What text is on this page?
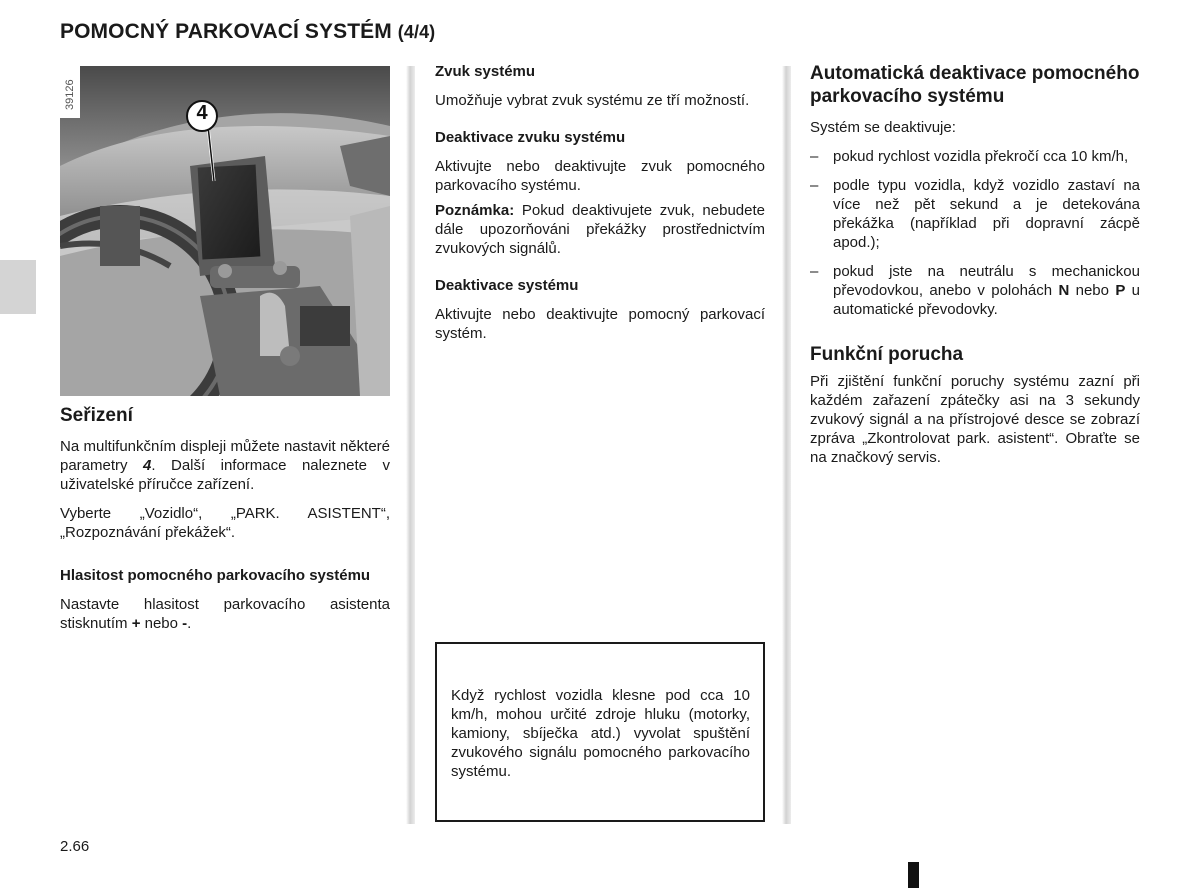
POMOCNÝ PARKOVACÍ SYSTÉM (4/4)
39126
4
Seřizení

Na multifunkčním displeji můžete nastavit některé parametry 4. Další informace naleznete v uživatelské příručce zařízení.

Vyberte „Vozidlo“, „PARK. ASISTENT“, „Rozpoznávání překážek“.

Hlasitost pomocného parkovacího systému

Nastavte hlasitost parkovacího asistenta stisknutím + nebo -.

Zvuk systému

Umožňuje vybrat zvuk systému ze tří možností.

Deaktivace zvuku systému

Aktivujte nebo deaktivujte zvuk pomocného parkovacího systému.

Poznámka: Pokud deaktivujete zvuk, nebudete dále upozorňováni překážky prostřednictvím zvukových signálů.

Deaktivace systému

Aktivujte nebo deaktivujte pomocný parkovací systém.

Když rychlost vozidla klesne pod cca 10 km/h, mohou určité zdroje hluku (motorky, kamiony, sbíječka atd.) vyvolat spuštění zvukového signálu pomocného parkovacího systému.

Automatická deaktivace pomocného parkovacího systému

Systém se deaktivuje:

– pokud rychlost vozidla překročí cca 10 km/h,
– podle typu vozidla, když vozidlo zastaví na více než pět sekund a je detekována překážka (například při dopravní zácpě apod.);
– pokud jste na neutrálu s mechanickou převodovkou, anebo v polohách N nebo P u automatické převodovky.
Funkční porucha

Při zjištění funkční poruchy systému zazní při každém zařazení zpátečky asi na 3 sekundy zvukový signál a na přístrojové desce se zobrazí zpráva „Zkontrolovat park. asistent“. Obraťte se na značkový servis.

2.66
